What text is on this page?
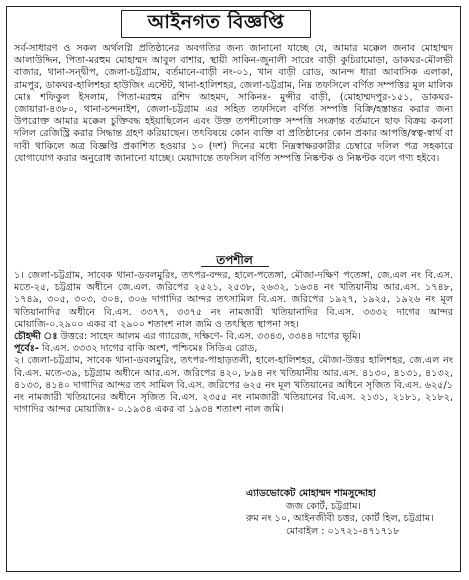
আইনগত বিজ্ঞপ্তি

সর্ব-সাধারণ ও সকল অর্থলগ্নি প্রতিষ্ঠানের অবগতির জন্য জানানো যাচ্ছে যে, আমার মক্কেল জনাব মোহাম্মদ আলাউদ্দিন, পিতা-মরহুম মোহাম্মদ আবুল বাশার, স্থায়ী সাকিন-জুনালী সারেং বাড়ী কুচিরামোড়া, ডাকঘর-মৌলভী বাজার, থানা-সন্দ্বীপ, জেলা-চট্টগ্রাম, বর্তমানে-বাড়ী নং-০১, খান বাড়ী রোড, আনন্দ ধারা আবাসিক এলাকা, রামপুর, ডাকঘর-হালিশহর হাউজিং এস্টেট, থানা-হালিশহর, জেলা-চট্টগ্রাম, নিম্ন তফসিলে বর্ণিত সম্পত্তির মূল মালিক মোঃ শফিকুল ইসলাম, পিতা-মরহুম রশিদ আহমদ, সাকিনঃ- মুন্সীর বাড়ী, (মোহাম্মদপুর-১৫১, ডাকঘর- জোয়ারা-৪৩৮০, থানা-চন্দনাইশ, জেলা-চট্টগ্রাম এর সহিত তফসিলে বর্ণিত সম্পত্তি বিক্রি/হস্তান্তর করার জন্য উপরোক্ত আমার মক্কেল চুক্তিবদ্ধ হইয়াছিলেন এবং উক্ত তপশীলোক্ত সম্পত্তি সংক্রান্ত বর্তমানে ছাফ বিক্রয় কবলা দলিল রেজিস্ট্রি করার সিদ্ধান্ত গ্রহণ করিয়াছেন। তৎবিষয়ে কোন ব্যক্তি বা প্রতিষ্ঠানের কোন প্রকার আপত্তি/স্বত্ব-স্বার্থ বা দাবী থাকিলে অত্র বিজ্ঞপ্তি প্রকাশিত হওয়ার ১০ (দশ) দিনের মধ্যে নিম্নস্বাক্ষরকারীর চেম্বারে দলিল পত্র সহকারে যোগাযোগ করার অনুরোধ জানানো যাচ্ছে। মেয়াদান্তে তফসিল বর্ণিত সম্পত্তি নিষ্কণ্টক ও নিষ্কণ্টক বলে গণ্য হইবে।

তপশীল

১। জেলা-চট্টগ্রাম, সাবেক থানা-ডবলমুরিং, তৎপর-বন্দর, হালে-পতেঙ্গা, মৌজা-দক্ষিণ পতেঙ্গা, জে.এল নং বি.এস. মতে-২৫, চট্টগ্রাম অধীনে জে.এল. জরিপের ২৫২১, ২৫৩৮, ২৬৩২, ১৬৩৪ নং খতিয়ানীয় আর.এস. ১৭৪৮, ১৭৪৯, ৩০৫, ৩০৩, ৩০৪, ৩০৬ দাগাদির আন্দর তৎসামিল বি.এস. জরিপের ১৯২৭, ১৯২৫, ১৯২৬ নং মূল খতিয়ানাদির অধীনে বি.এস. ৩৩৭৭, ৩৩৭৫ নং নামজারী খতিয়ানাদির বি.এস. ৩৩৩২ দাগের আন্দর মোয়াজি-০.২৯০০ একর বা ২৯০০ শতাংশ নাল জমি ও তৎস্থিত স্থাপনা সহ।

চৌহদ্দী ঃ উত্তরে: সাহেদ আলম এর গ্যারেজ, দক্ষিণে- বি.এস. ৩৩৪৩, ৩৩৪৪ দাগের ভূমি।

পূর্বেঃ- বি.এস. ৩৩৩২ দাগের বাকি অংশ, পশ্চিমেঃ সিডিএ রোড,

২। জেলা-চট্টগ্রাম, সাবেক থানা-ডবলমুরিং, তৎপর-পাহাড়তলী, হালে-হালিশহর, মৌজা-উত্তর হালিশহর, জে.এল নং বি.এস. মতে-৩৯, চট্টগ্রাম অধীনে আর.এস. জরিপের ৪২০, ৮৯৪ নং খতিয়ানীয় আর.এস. ৪১৩০, ৪১৩১, ৪১৩২, ৪১৩৩, ৪১৪০ দাগাদির আন্দর তৎ সামিল বি.এস. জরিপের ৬২৫ নং মূল খতিয়ানের অধিনে সৃজিত বি.এস. ৬২৫/১ নং নামজারী খতিয়ানের অধীনে সৃজিত বি.এস. ২৩৫৫ নং নামজারী খতিয়ানের বি.এস. ২১৩১, ২১৮১, ২১৮২, দাগাদির আন্দর মোয়াজিঃ- ০.১৯৩৪ একর বা ১৯৩৪ শতাংশ নাল জমি।

এ্যাডভোকেট মোহাম্মদ শামসুদ্দোহা
জজ কোর্ট, চট্টগ্রাম।
রুম নং ১০, আইনজীবী চত্তর, কোর্ট হিল, চট্টগ্রাম।
মোবাইল : ০১৭২১-৪৭১৭১৮
